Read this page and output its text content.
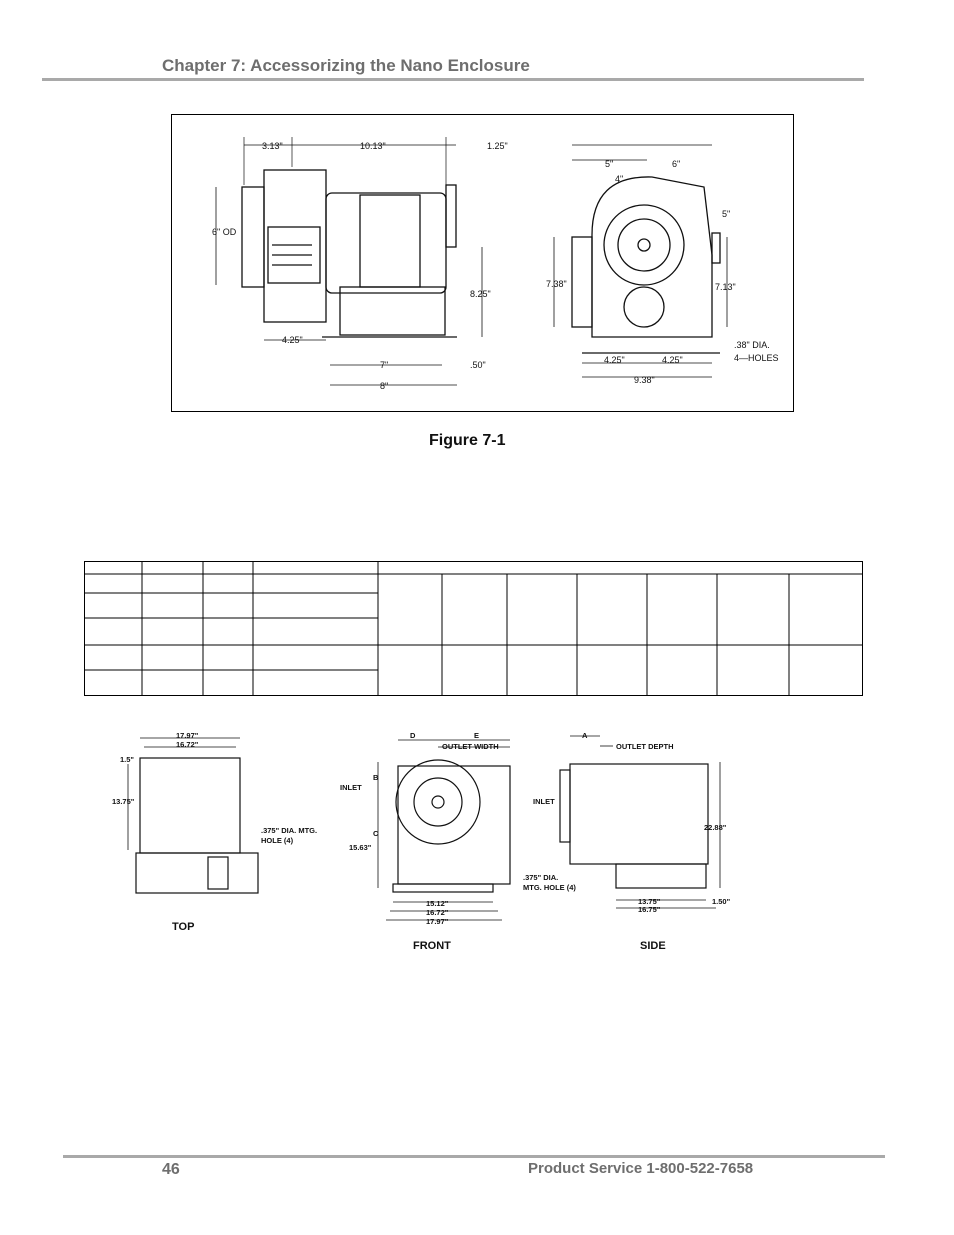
Chapter 7: Accessorizing the Nano Enclosure
3.13"	10.13"	1.25"
6" OD
8.25"
4.25"
7"	.50"
8"
5"	6"
4"
5"
7.38"	7.13"
.38" DIA.
4—HOLES
4.25"	4.25"
9.38"
Figure 7-1
17.97"
16.72"
1.5"
13.75"
.375" DIA. MTG.
HOLE (4)
TOP
D	E
OUTLET WIDTH
B
INLET
C
15.63"
.375" DIA.
MTG. HOLE (4)
15.12"
16.72"
17.97"
FRONT
A
OUTLET DEPTH
INLET
22.88"
13.75"
16.75"
1.50"
SIDE
46	Product Service 1-800-522-7658
